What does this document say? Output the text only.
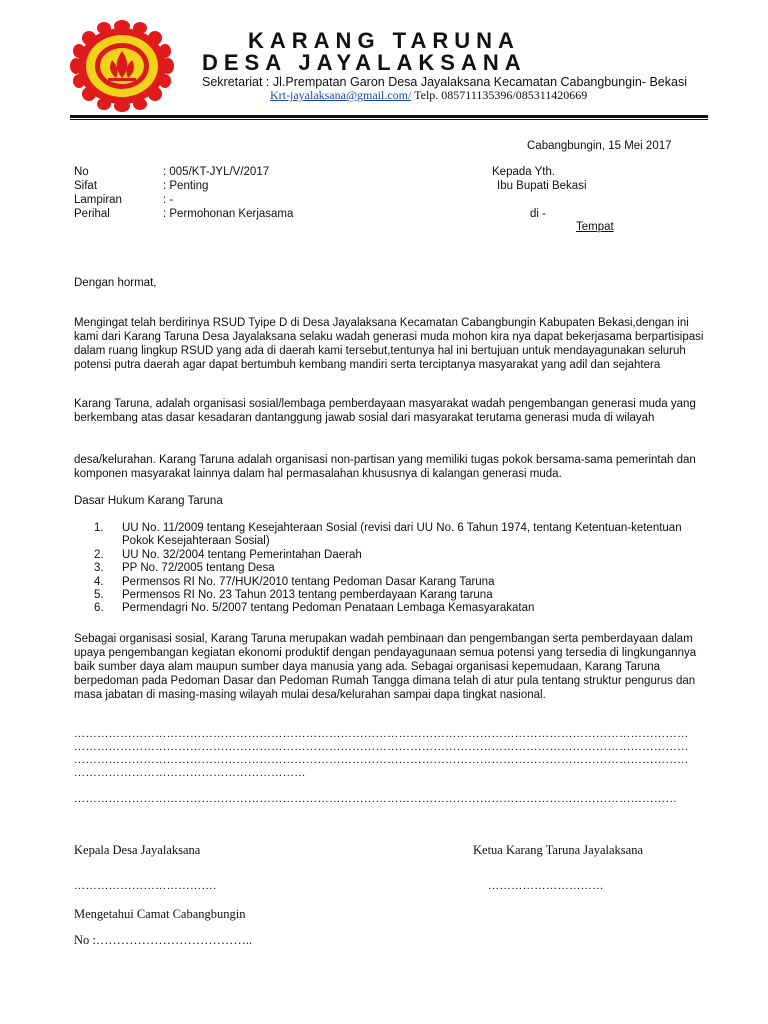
KARANG TARUNA
DESA JAYALAKSANA
Sekretariat : Jl.Prempatan Garon Desa Jayalaksana Kecamatan Cabangbungin- Bekasi
Krt-jayalaksana@gmail.com/ Telp. 085711135396/085311420669
Cabangbungin, 15 Mei 2017
No	: 005/KT-JYL/V/2017
Sifat	: Penting
Lampiran	: -
Perihal	: Permohonan Kerjasama
Kepada Yth.
Ibu Bupati Bekasi
di -
Tempat
Dengan hormat,
Mengingat telah berdirinya RSUD Tyipe D di Desa Jayalaksana Kecamatan Cabangbungin Kabupaten Bekasi,dengan ini kami dari Karang Taruna Desa Jayalaksana selaku wadah generasi muda mohon kira nya dapat bekerjasama berpartisipasi dalam ruang lingkup RSUD yang ada di daerah kami tersebut,tentunya hal ini bertujuan untuk mendayagunakan seluruh potensi putra daerah agar dapat bertumbuh kembang mandiri serta terciptanya masyarakat yang adil dan sejahtera
Karang Taruna, adalah organisasi sosial/lembaga pemberdayaan masyarakat wadah pengembangan generasi muda yang berkembang atas dasar kesadaran dantanggung jawab sosial dari masyarakat terutama generasi muda di wilayah
desa/kelurahan. Karang Taruna adalah organisasi non-partisan yang memiliki tugas pokok bersama-sama pemerintah dan komponen masyarakat lainnya dalam hal permasalahan khususnya di kalangan generasi muda.
Dasar Hukum Karang Taruna
1. UU No. 11/2009 tentang Kesejahteraan Sosial (revisi dari UU No. 6 Tahun 1974, tentang Ketentuan-ketentuan Pokok Kesejahteraan Sosial)
2. UU No. 32/2004 tentang Pemerintahan Daerah
3. PP No. 72/2005 tentang Desa
4. Permensos RI No. 77/HUK/2010 tentang Pedoman Dasar Karang Taruna
5. Permensos RI No. 23 Tahun 2013 tentang pemberdayaan Karang taruna
6. Permendagri No. 5/2007 tentang Pedoman Penataan Lembaga Kemasyarakatan
Sebagai organisasi sosial, Karang Taruna merupakan wadah pembinaan dan pengembangan serta pemberdayaan dalam upaya pengembangan kegiatan ekonomi produktif dengan pendayagunaan semua potensi yang tersedia di lingkungannya baik sumber daya alam maupun sumber daya manusia yang ada. Sebagai organisasi kepemudaan, Karang Taruna berpedoman pada Pedoman Dasar dan Pedoman Rumah Tangga dimana telah di atur pula tentang struktur pengurus dan masa jabatan di masing-masing wilayah mulai desa/kelurahan sampai dapa tingkat nasional.
……………………………………………………………………………………………………………………………………………
……………………………………………………………………………………………………………………………………………
……………………………………………………………………………………………………………………………………………
……………………………………………………
…………………………………………………………………………………………………………………………………………
Kepala Desa Jayalaksana	Ketua Karang Taruna Jayalaksana
……………………………….	…………………………
Mengetahui Camat Cabangbungin
No :………………………………..
